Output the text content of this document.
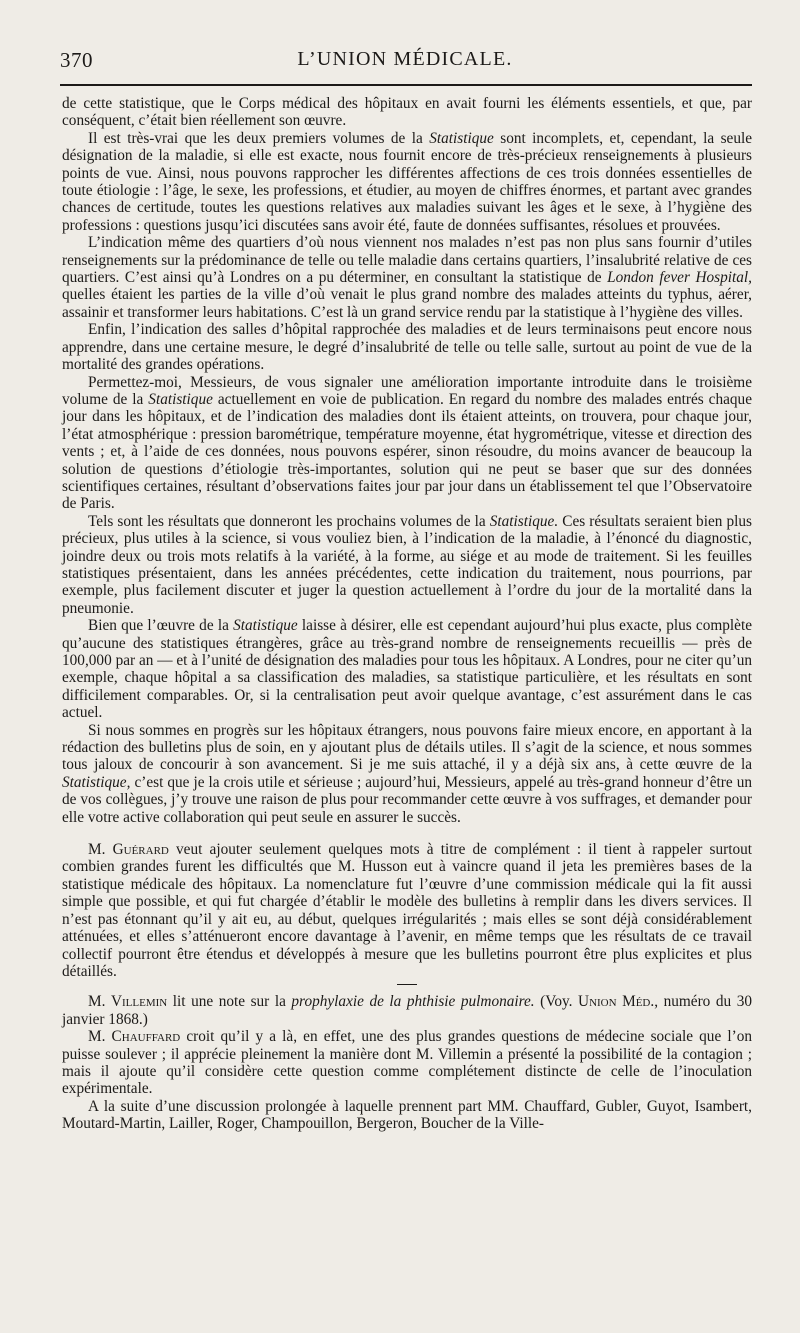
370	L’UNION MÉDICALE.

de cette statistique, que le Corps médical des hôpitaux en avait fourni les éléments essentiels, et que, par conséquent, c’était bien réellement son œuvre.

Il est très-vrai que les deux premiers volumes de la Statistique sont incomplets, et, cependant, la seule désignation de la maladie, si elle est exacte, nous fournit encore de très-précieux renseignements à plusieurs points de vue. Ainsi, nous pouvons rapprocher les différentes affections de ces trois données essentielles de toute étiologie : l’âge, le sexe, les professions, et étudier, au moyen de chiffres énormes, et partant avec grandes chances de certitude, toutes les questions relatives aux maladies suivant les âges et le sexe, à l’hygiène des professions : questions jusqu’ici discutées sans avoir été, faute de données suffisantes, résolues et prouvées.

L’indication même des quartiers d’où nous viennent nos malades n’est pas non plus sans fournir d’utiles renseignements sur la prédominance de telle ou telle maladie dans certains quartiers, l’insalubrité relative de ces quartiers. C’est ainsi qu’à Londres on a pu déterminer, en consultant la statistique de London fever Hospital, quelles étaient les parties de la ville d’où venait le plus grand nombre des malades atteints du typhus, aérer, assainir et transformer leurs habitations. C’est là un grand service rendu par la statistique à l’hygiène des villes.

Enfin, l’indication des salles d’hôpital rapprochée des maladies et de leurs terminaisons peut encore nous apprendre, dans une certaine mesure, le degré d’insalubrité de telle ou telle salle, surtout au point de vue de la mortalité des grandes opérations.

Permettez-moi, Messieurs, de vous signaler une amélioration importante introduite dans le troisième volume de la Statistique actuellement en voie de publication. En regard du nombre des malades entrés chaque jour dans les hôpitaux, et de l’indication des maladies dont ils étaient atteints, on trouvera, pour chaque jour, l’état atmosphérique : pression barométrique, température moyenne, état hygrométrique, vitesse et direction des vents ; et, à l’aide de ces données, nous pouvons espérer, sinon résoudre, du moins avancer de beaucoup la solution de questions d’étiologie très-importantes, solution qui ne peut se baser que sur des données scientifiques certaines, résultant d’observations faites jour par jour dans un établissement tel que l’Observatoire de Paris.

Tels sont les résultats que donneront les prochains volumes de la Statistique. Ces résultats seraient bien plus précieux, plus utiles à la science, si vous vouliez bien, à l’indication de la maladie, à l’énoncé du diagnostic, joindre deux ou trois mots relatifs à la variété, à la forme, au siége et au mode de traitement. Si les feuilles statistiques présentaient, dans les années précédentes, cette indication du traitement, nous pourrions, par exemple, plus facilement discuter et juger la question actuellement à l’ordre du jour de la mortalité dans la pneumonie.

Bien que l’œuvre de la Statistique laisse à désirer, elle est cependant aujourd’hui plus exacte, plus complète qu’aucune des statistiques étrangères, grâce au très-grand nombre de renseignements recueillis — près de 100,000 par an — et à l’unité de désignation des maladies pour tous les hôpitaux. A Londres, pour ne citer qu’un exemple, chaque hôpital a sa classification des maladies, sa statistique particulière, et les résultats en sont difficilement comparables. Or, si la centralisation peut avoir quelque avantage, c’est assurément dans le cas actuel.

Si nous sommes en progrès sur les hôpitaux étrangers, nous pouvons faire mieux encore, en apportant à la rédaction des bulletins plus de soin, en y ajoutant plus de détails utiles. Il s’agit de la science, et nous sommes tous jaloux de concourir à son avancement. Si je me suis attaché, il y a déjà six ans, à cette œuvre de la Statistique, c’est que je la crois utile et sérieuse ; aujourd’hui, Messieurs, appelé au très-grand honneur d’être un de vos collègues, j’y trouve une raison de plus pour recommander cette œuvre à vos suffrages, et demander pour elle votre active collaboration qui peut seule en assurer le succès.

M. Guérard veut ajouter seulement quelques mots à titre de complément : il tient à rappeler surtout combien grandes furent les difficultés que M. Husson eut à vaincre quand il jeta les premières bases de la statistique médicale des hôpitaux. La nomenclature fut l’œuvre d’une commission médicale qui la fit aussi simple que possible, et qui fut chargée d’établir le modèle des bulletins à remplir dans les divers services. Il n’est pas étonnant qu’il y ait eu, au début, quelques irrégularités ; mais elles se sont déjà considérablement atténuées, et elles s’atténueront encore davantage à l’avenir, en même temps que les résultats de ce travail collectif pourront être étendus et développés à mesure que les bulletins pourront être plus explicites et plus détaillés.

M. Villemin lit une note sur la prophylaxie de la phthisie pulmonaire. (Voy. Union Méd., numéro du 30 janvier 1868.)

M. Chauffard croit qu’il y a là, en effet, une des plus grandes questions de médecine sociale que l’on puisse soulever ; il apprécie pleinement la manière dont M. Villemin a présenté la possibilité de la contagion ; mais il ajoute qu’il considère cette question comme complétement distincte de celle de l’inoculation expérimentale.

A la suite d’une discussion prolongée à laquelle prennent part MM. Chauffard, Gubler, Guyot, Isambert, Moutard-Martin, Lailler, Roger, Champouillon, Bergeron, Boucher de la Ville-
